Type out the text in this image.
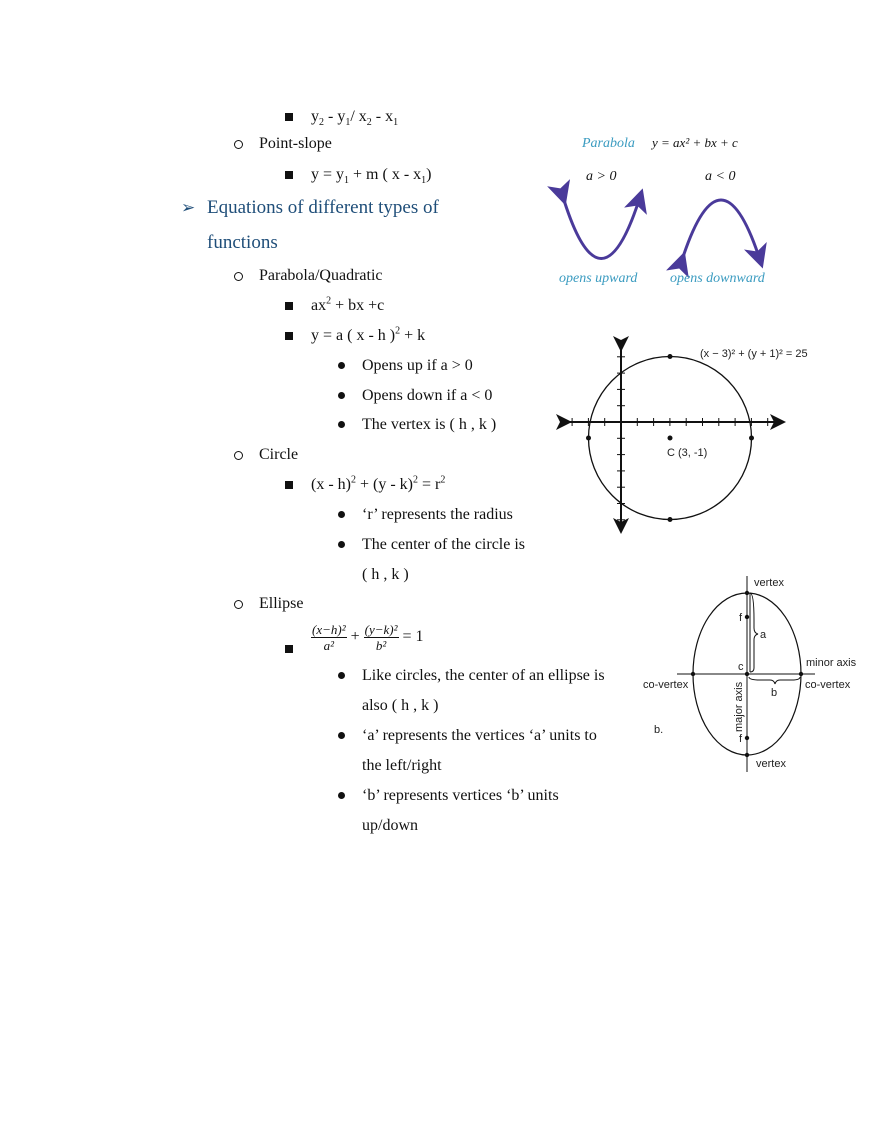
$y_2 - y_1/$ $x_2 - x_1$
Point-slope
$y = y_1 + m$ ( x - $x_1$)
➢ Equations of different types of
functions
Parabola/Quadratic
$ax^2$ + bx +c
y = a ( x - h )$^2$ + k
Opens up if a > 0
Opens down if a < 0
The vertex is ( h , k )
Circle
$(x - h)^2 + (y - k)^2 = r^2$
‘r’ represents the radius
The center of the circle is
( h , k )
Ellipse
$\frac{\text{(x−h)²}}{\text{a²}} + \frac{\text{(y−k)²}}{\text{b²}} = 1$
Like circles, the center of an ellipse is
also ( h , k )
‘a’ represents the vertices ‘a’ units to
the left/right
‘b’ represents vertices ‘b’ units
up/down
Parabola y = ax² + bx + c
a > 0	a < 0
opens upward opens downward
(x − 3)² + (y + 1)² = 25
C (3, -1)
vertex
vertex
f
f
a
b
c	minor axis
co-vertex	co-vertex
major axis
b.
